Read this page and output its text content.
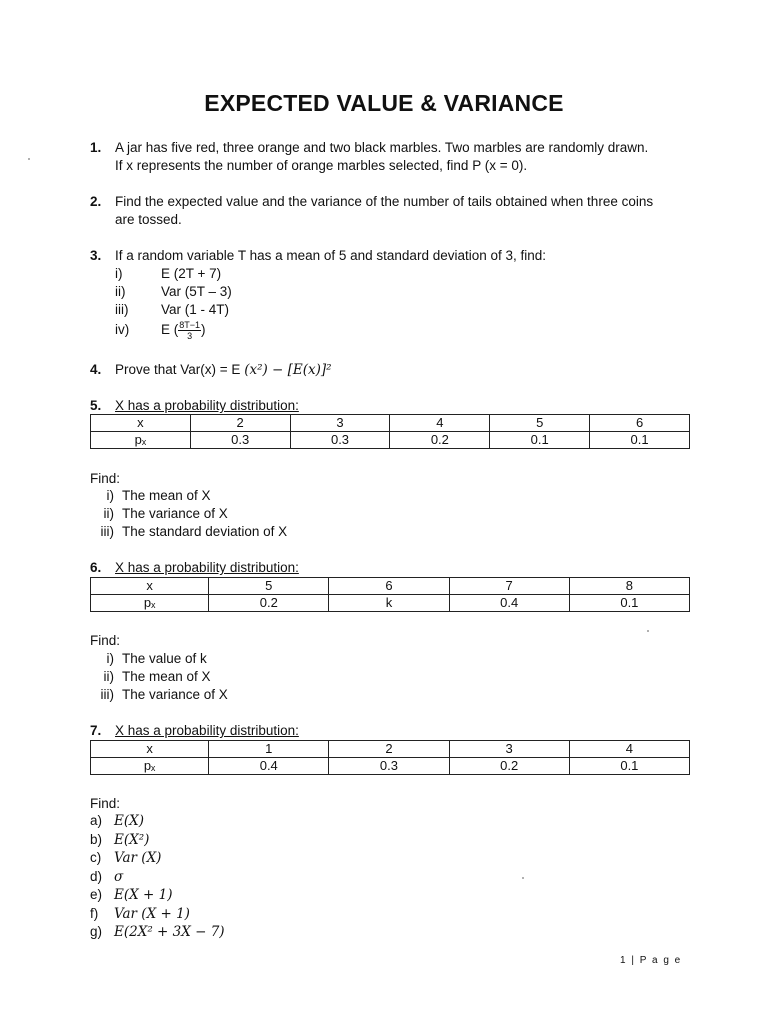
EXPECTED VALUE & VARIANCE
1. A jar has five red, three orange and two black marbles. Two marbles are randomly drawn.
If x represents the number of orange marbles selected, find P (x = 0).
2. Find the expected value and the variance of the number of tails obtained when three coins
are tossed.
3. If a random variable T has a mean of 5 and standard deviation of 3, find:
i)	E (2T + 7)
ii)	Var (5T – 3)
iii) Var (1 - 4T)
iv) E ( $\frac{8T-1}{3}$ )
4. Prove that Var(x) = E (x²) − [E(x)]²
5. X has a probability distribution:
x	2	3	4	5	6
pₓ	0.3	0.3	0.2	0.1	0.1
Find:
i) The mean of X
ii) The variance of X
iii) The standard deviation of X
6. X has a probability distribution:
x	5	6	7	8
pₓ	0.2	k	0.4	0.1
Find:
i) The value of k
ii) The mean of X
iii) The variance of X
7. X has a probability distribution:
x	1	2	3	4
pₓ	0.4	0.3	0.2	0.1
Find:
a) E(X)
b) E(X²)
c) Var (X)
d) σ
e) E(X + 1)
f) Var (X + 1)
g) E(2X² + 3X − 7)
1 | P a g e
